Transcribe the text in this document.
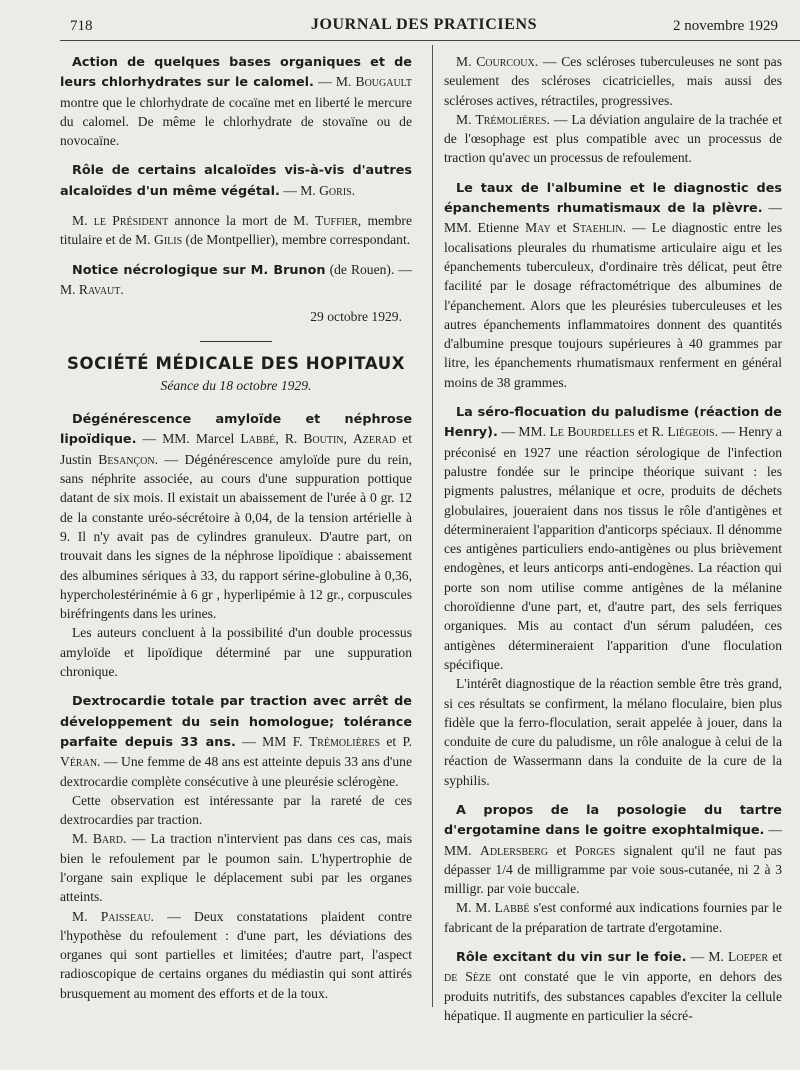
718	JOURNAL DES PRATICIENS	2 novembre 1929

Action de quelques bases organiques et de leurs chlorhydrates sur le calomel. — M. Bougault montre que le chlorhydrate de cocaïne met en liberté le mercure du calomel. De même le chlorhydrate de stovaïne ou de novocaïne.

Rôle de certains alcaloïdes vis-à-vis d'autres alcaloïdes d'un même végétal. — M. Goris.

M. le Président annonce la mort de M. Tuffier, membre titulaire et de M. Gilis (de Montpellier), membre correspondant.

Notice nécrologique sur M. Brunon (de Rouen). — M. Ravaut.

29 octobre 1929.

SOCIÉTÉ MÉDICALE DES HOPITAUX

Séance du 18 octobre 1929.

Dégénérescence amyloïde et néphrose lipoïdique. — MM. Marcel Labbé, R. Boutin, Azerad et Justin Besançon. — Dégénérescence amyloïde pure du rein, sans néphrite associée, au cours d'une suppuration pottique datant de six mois. Il existait un abaissement de l'urée à 0 gr. 12 de la constante uréo-sécrétoire à 0,04, de la tension artérielle à 9. Il n'y avait pas de cylindres granuleux. D'autre part, on trouvait dans les signes de la néphrose lipoïdique : abaissement des albumines sériques à 33, du rapport sérine-globuline à 0,36, hypercholestérinémie à 6 gr , hyperlipémie à 12 gr., corpuscules biréfringents dans les urines.

Les auteurs concluent à la possibilité d'un double processus amyloïde et lipoïdique déterminé par une suppuration chronique.

Dextrocardie totale par traction avec arrêt de développement du sein homologue; tolérance parfaite depuis 33 ans. — MM F. Trémolières et P. Véran. — Une femme de 48 ans est atteinte depuis 33 ans d'une dextrocardie complète consécutive à une pleurésie sclérogène.

Cette observation est intéressante par la rareté de ces dextrocardies par traction.

M. Bard. — La traction n'intervient pas dans ces cas, mais bien le refoulement par le poumon sain. L'hypertrophie de l'organe sain explique le déplacement subi par les organes atteints.

M. Paisseau. — Deux constatations plaident contre l'hypothèse du refoulement : d'une part, les déviations des organes qui sont partielles et limitées; d'autre part, l'aspect radioscopique de certains organes du médiastin qui sont attirés brusquement au moment des efforts et de la toux.

M. Courcoux. — Ces scléroses tuberculeuses ne sont pas seulement des scléroses cicatricielles, mais aussi des scléroses actives, rétractiles, progressives.

M. Trémolières. — La déviation angulaire de la trachée et de l'œsophage est plus compatible avec un processus de traction qu'avec un processus de refoulement.

Le taux de l'albumine et le diagnostic des épanchements rhumatismaux de la plèvre. — MM. Etienne May et Staehlin. — Le diagnostic entre les localisations pleurales du rhumatisme articulaire aigu et les épanchements tuberculeux, d'ordinaire très délicat, peut être facilité par le dosage réfractométrique des albumines de l'épanchement. Alors que les pleurésies tuberculeuses et les autres épanchements inflammatoires donnent des quantités d'albumine presque toujours supérieures à 40 grammes par litre, les épanchements rhumatismaux renferment en général moins de 38 grammes.

La séro-flocuation du paludisme (réaction de Henry). — MM. Le Bourdelles et R. Liégeois. — Henry a préconisé en 1927 une réaction sérologique de l'infection palustre fondée sur le principe théorique suivant : les pigments palustres, mélanique et ocre, produits de déchets globulaires, joueraient dans nos tissus le rôle d'antigènes et détermineraient l'apparition d'anticorps spéciaux. Il dénomme ces antigènes particuliers endo-antigènes ou plus brièvement endogènes, et leurs anticorps anti-endogènes. La réaction qui porte son nom utilise comme antigènes de la mélanine choroïdienne d'une part, et, d'autre part, des sels ferriques organiques. Mis au contact d'un sérum paludéen, ces antigènes détermineraient l'apparition d'une floculation spécifique.

L'intérêt diagnostique de la réaction semble être très grand, si ces résultats se confirment, la mélano floculaire, bien plus fidèle que la ferro-floculation, serait appelée à jouer, dans la conduite de cure du paludisme, un rôle analogue à celui de la réaction de Wassermann dans la conduite de la cure de la syphilis.

A propos de la posologie du tartre d'ergotamine dans le goitre exophtalmique. — MM. Adlersberg et Porges signalent qu'il ne faut pas dépasser 1/4 de milligramme par voie sous-cutanée, ni 2 à 3 milligr. par voie buccale.

M. M. Labbé s'est conformé aux indications fournies par le fabricant de la préparation de tartrate d'ergotamine.

Rôle excitant du vin sur le foie. — M. Loeper et de Sèze ont constaté que le vin apporte, en dehors des produits nutritifs, des substances capables d'exciter la cellule hépatique. Il augmente en particulier la sécré-
